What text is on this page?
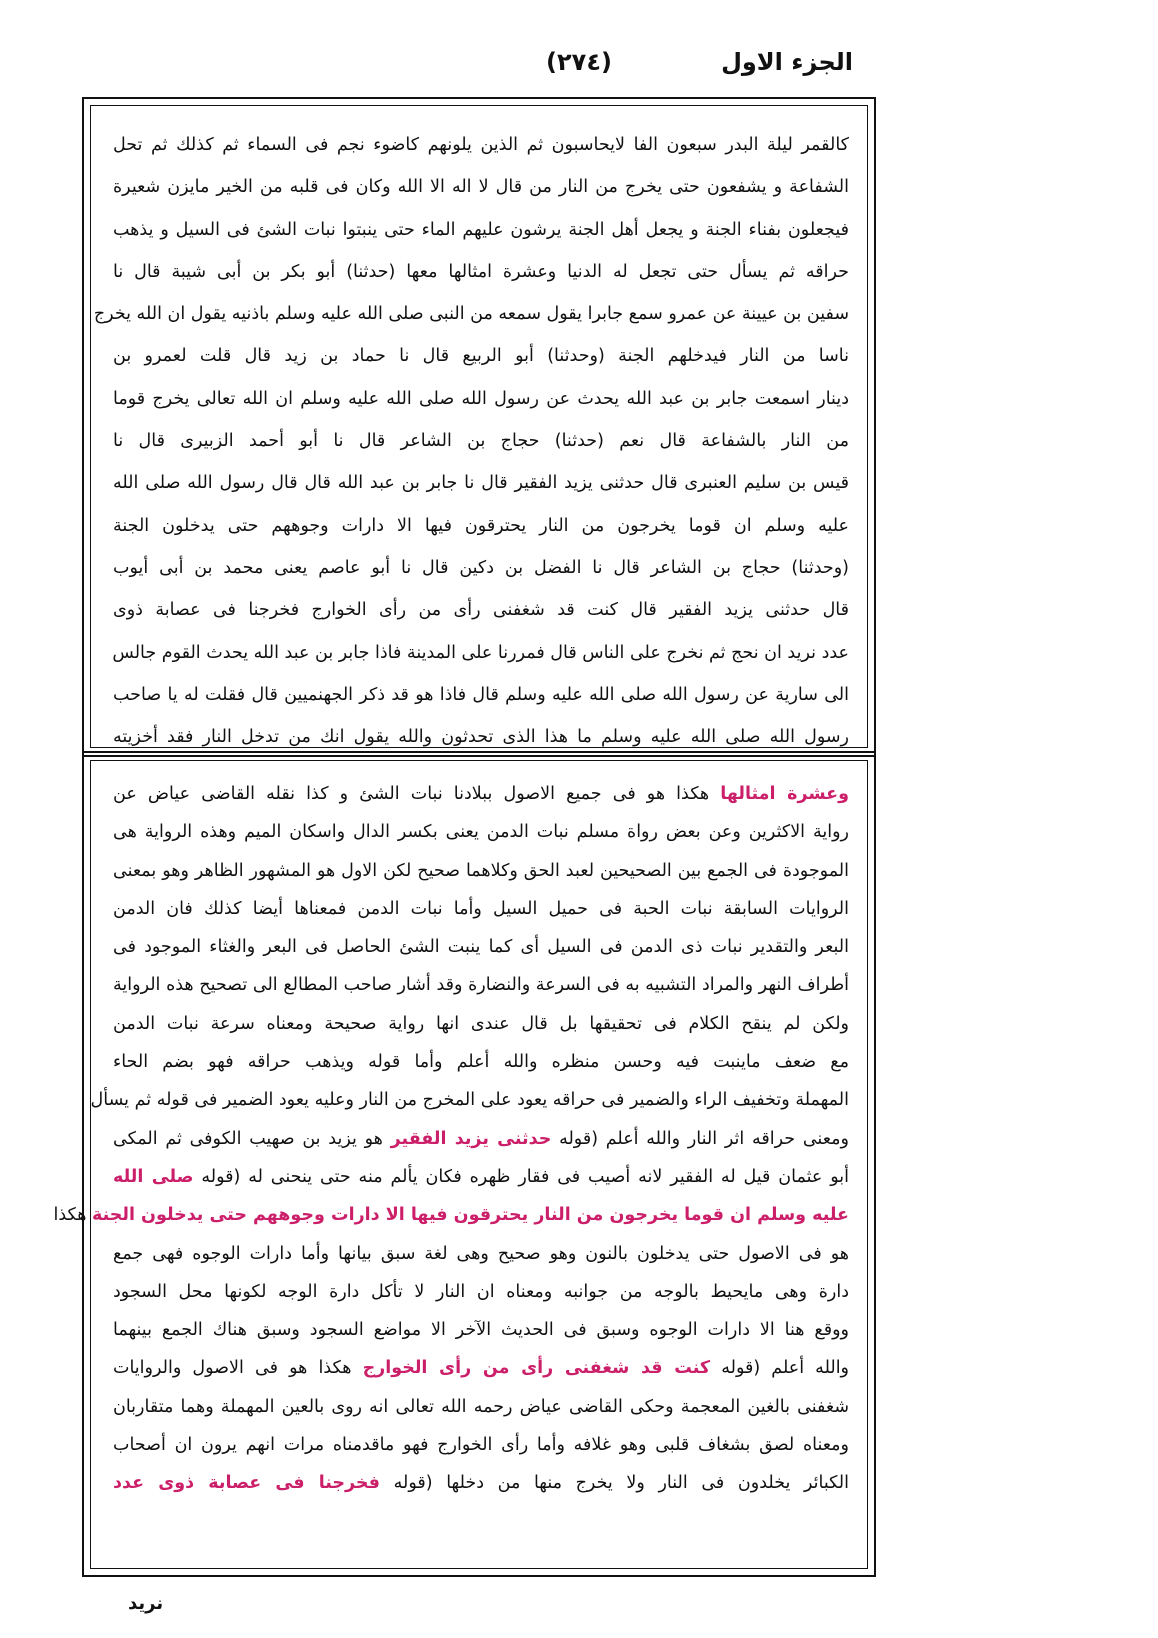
الجزء الاول
(٢٧٤)
كالقمر ليلة البدر سبعون الفا لايحاسبون ثم الذين يلونهم كاضوء نجم فى السماء ثم كذلك ثم تحل
الشفاعة و يشفعون حتى يخرج من النار من قال لا اله الا الله وكان فى قلبه من الخير مايزن شعيرة
فيجعلون بفناء الجنة و يجعل أهل الجنة يرشون عليهم الماء حتى ينبتوا نبات الشئ فى السيل و يذهب
حراقه ثم يسأل حتى تجعل له الدنيا وعشرة امثالها معها (حدثنا) أبو بكر بن أبى شيبة قال نا
سفين بن عيينة عن عمرو سمع جابرا يقول سمعه من النبى صلى الله عليه وسلم باذنيه يقول ان الله يخرج
ناسا من النار فيدخلهم الجنة (وحدثنا) أبو الربيع قال نا حماد بن زيد قال قلت لعمرو بن
دينار اسمعت جابر بن عبد الله يحدث عن رسول الله صلى الله عليه وسلم ان الله تعالى يخرج قوما
من النار بالشفاعة قال نعم (حدثنا) حجاج بن الشاعر قال نا أبو أحمد الزبيرى قال نا
قيس بن سليم العنبرى قال حدثنى يزيد الفقير قال نا جابر بن عبد الله قال قال رسول الله صلى الله
عليه وسلم ان قوما يخرجون من النار يحترقون فيها الا دارات وجوههم حتى يدخلون الجنة
(وحدثنا) حجاج بن الشاعر قال نا الفضل بن دكين قال نا أبو عاصم يعنى محمد بن أبى أيوب
قال حدثنى يزيد الفقير قال كنت قد شغفنى رأى من رأى الخوارج فخرجنا فى عصابة ذوى
عدد نريد ان نحج ثم نخرج على الناس قال فمررنا على المدينة فاذا جابر بن عبد الله يحدث القوم جالس
الى سارية عن رسول الله صلى الله عليه وسلم قال فاذا هو قد ذكر الجهنميين قال فقلت له يا صاحب
رسول الله صلى الله عليه وسلم ما هذا الذى تحدثون والله يقول انك من تدخل النار فقد أخزيته
وعشرة امثالها هكذا هو فى جميع الاصول ببلادنا نبات الشئ و كذا نقله القاضى عياض عن
رواية الاكثرين وعن بعض رواة مسلم نبات الدمن يعنى بكسر الدال واسكان الميم وهذه الرواية هى
الموجودة فى الجمع بين الصحيحين لعبد الحق وكلاهما صحيح لكن الاول هو المشهور الظاهر وهو بمعنى
الروايات السابقة نبات الحبة فى حميل السيل وأما نبات الدمن فمعناها أيضا كذلك فان الدمن
البعر والتقدير نبات ذى الدمن فى السيل أى كما ينبت الشئ الحاصل فى البعر والغثاء الموجود فى
أطراف النهر والمراد التشبيه به فى السرعة والنضارة وقد أشار صاحب المطالع الى تصحيح هذه الرواية
ولكن لم ينقح الكلام فى تحقيقها بل قال عندى انها رواية صحيحة ومعناه سرعة نبات الدمن
مع ضعف ماينبت فيه وحسن منظره والله أعلم وأما قوله ويذهب حراقه فهو بضم الحاء
المهملة وتخفيف الراء والضمير فى حراقه يعود على المخرج من النار وعليه يعود الضمير فى قوله ثم يسأل
ومعنى حراقه اثر النار والله أعلم (قوله حدثنى يزيد الفقير هو يزيد بن صهيب الكوفى ثم المكى
أبو عثمان قيل له الفقير لانه أصيب فى فقار ظهره فكان يألم منه حتى ينحنى له (قوله صلى الله
عليه وسلم ان قوما يخرجون من النار يحترقون فيها الا دارات وجوههم حتى يدخلون الجنة هكذا
هو فى الاصول حتى يدخلون بالنون وهو صحيح وهى لغة سبق بيانها وأما دارات الوجوه فهى جمع
دارة وهى مايحيط بالوجه من جوانبه ومعناه ان النار لا تأكل دارة الوجه لكونها محل السجود
ووقع هنا الا دارات الوجوه وسبق فى الحديث الآخر الا مواضع السجود وسبق هناك الجمع بينهما
والله أعلم (قوله كنت قد شغفنى رأى من رأى الخوارج هكذا هو فى الاصول والروايات
شغفنى بالغين المعجمة وحكى القاضى عياض رحمه الله تعالى انه روى بالعين المهملة وهما متقاربان
ومعناه لصق بشغاف قلبى وهو غلافه وأما رأى الخوارج فهو ماقدمناه مرات انهم يرون ان أصحاب
الكبائر يخلدون فى النار ولا يخرج منها من دخلها (قوله فخرجنا فى عصابة ذوى عدد
نريد
